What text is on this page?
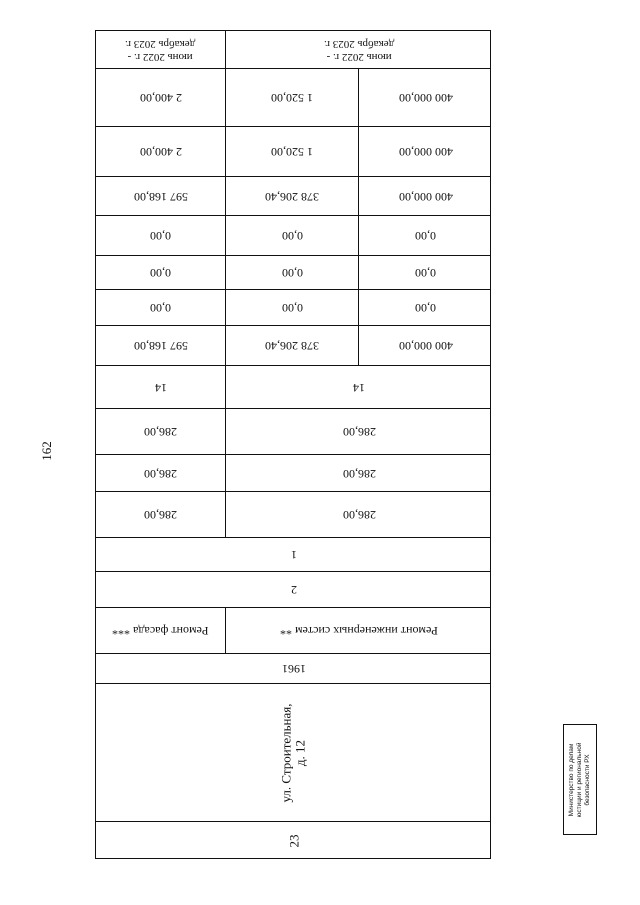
162
июнь 2022 г. -
декабрь 2023 г.
июнь 2022 г. -
декабрь 2023 г.
2 400,00	1 520,00	400 000,00
2 400,00	1 520,00	400 000,00
597 168,00	378 206,40	400 000,00
0,00	0,00	0,00
0,00	0,00	0,00
0,00	0,00	0,00
597 168,00	378 206,40	400 000,00
14	14
286,00	286,00
286,00	286,00
286,00	286,00
1
2
Ремонт фасада ***	Ремонт инженерных систем **
1961
ул. Строительная, д. 12
23
Министерство по делам юстиции и региональной безопасности РХ
